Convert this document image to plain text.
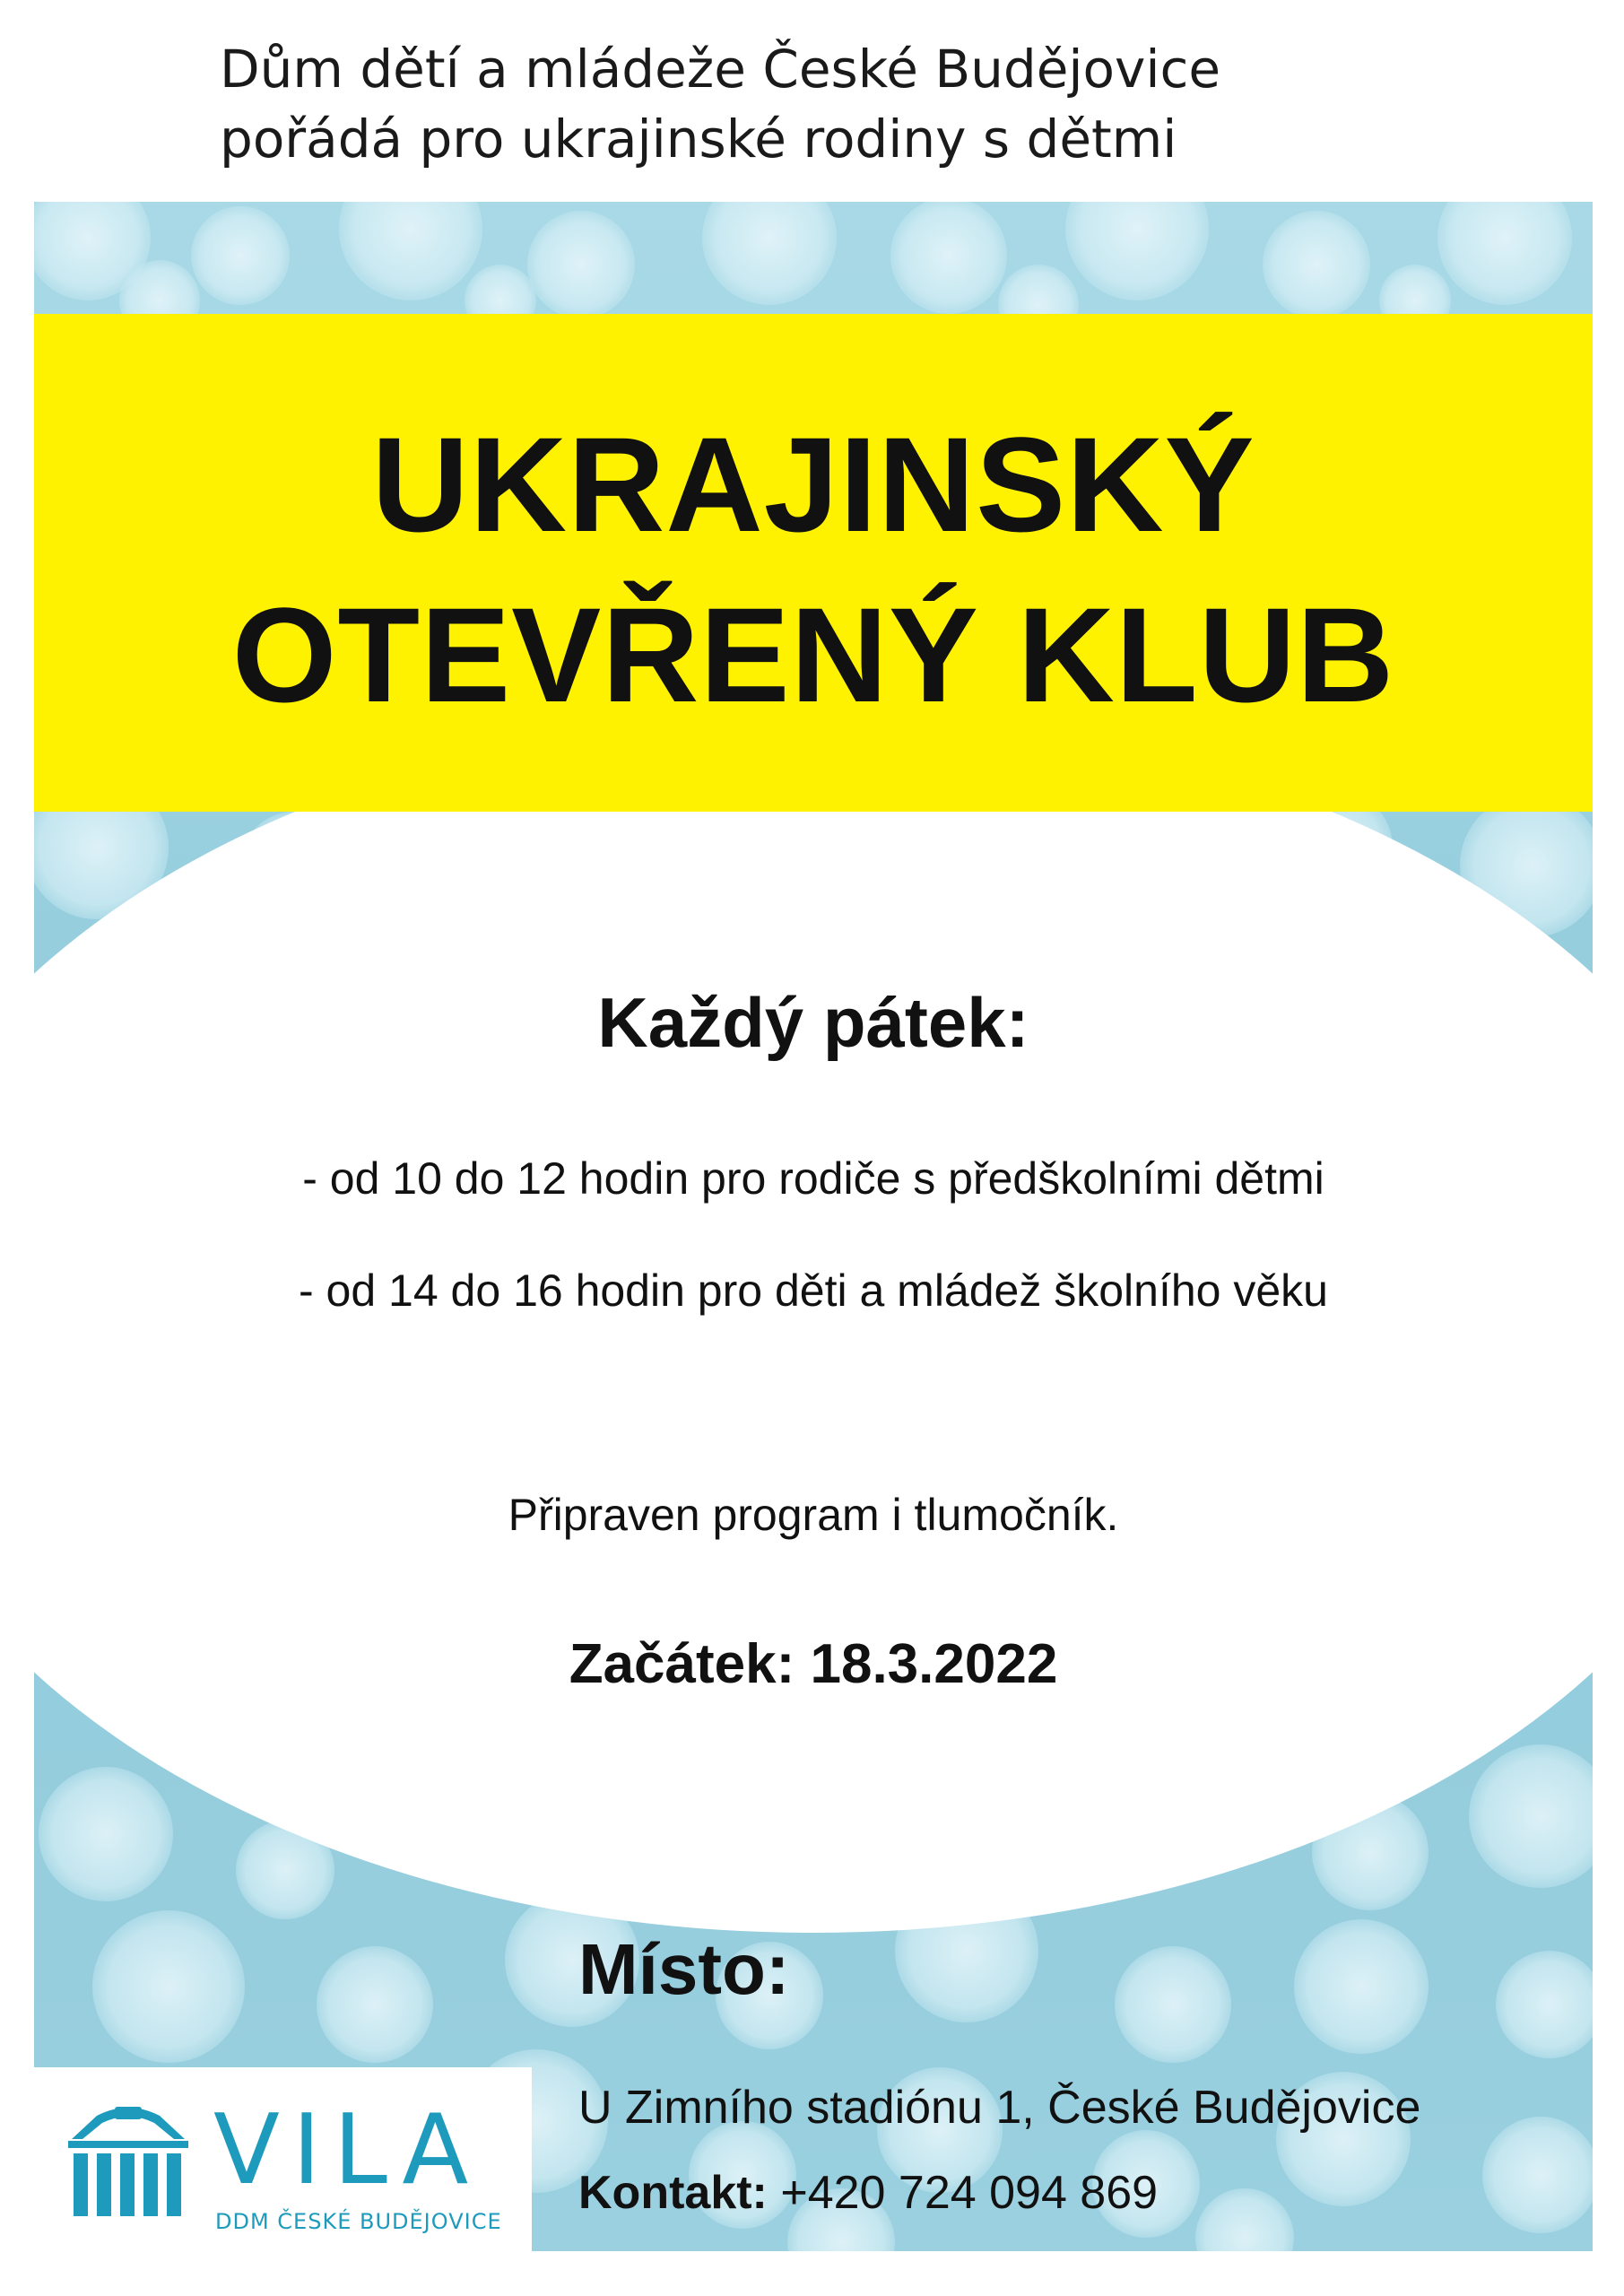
Dům dětí a mládeže České Budějovice
pořádá pro ukrajinské rodiny s dětmi
UKRAJINSKÝ
OTEVŘENÝ KLUB
Každý pátek:
- od 10 do 12 hodin pro rodiče s předškolními dětmi
- od 14 do 16 hodin pro děti a mládež školního věku
Připraven program i tlumočník.
Začátek: 18.3.2022
Místo:
U Zimního stadiónu 1, České Budějovice
Kontakt: +420 724 094 869
VILA
DDM ČESKÉ BUDĚJOVICE
